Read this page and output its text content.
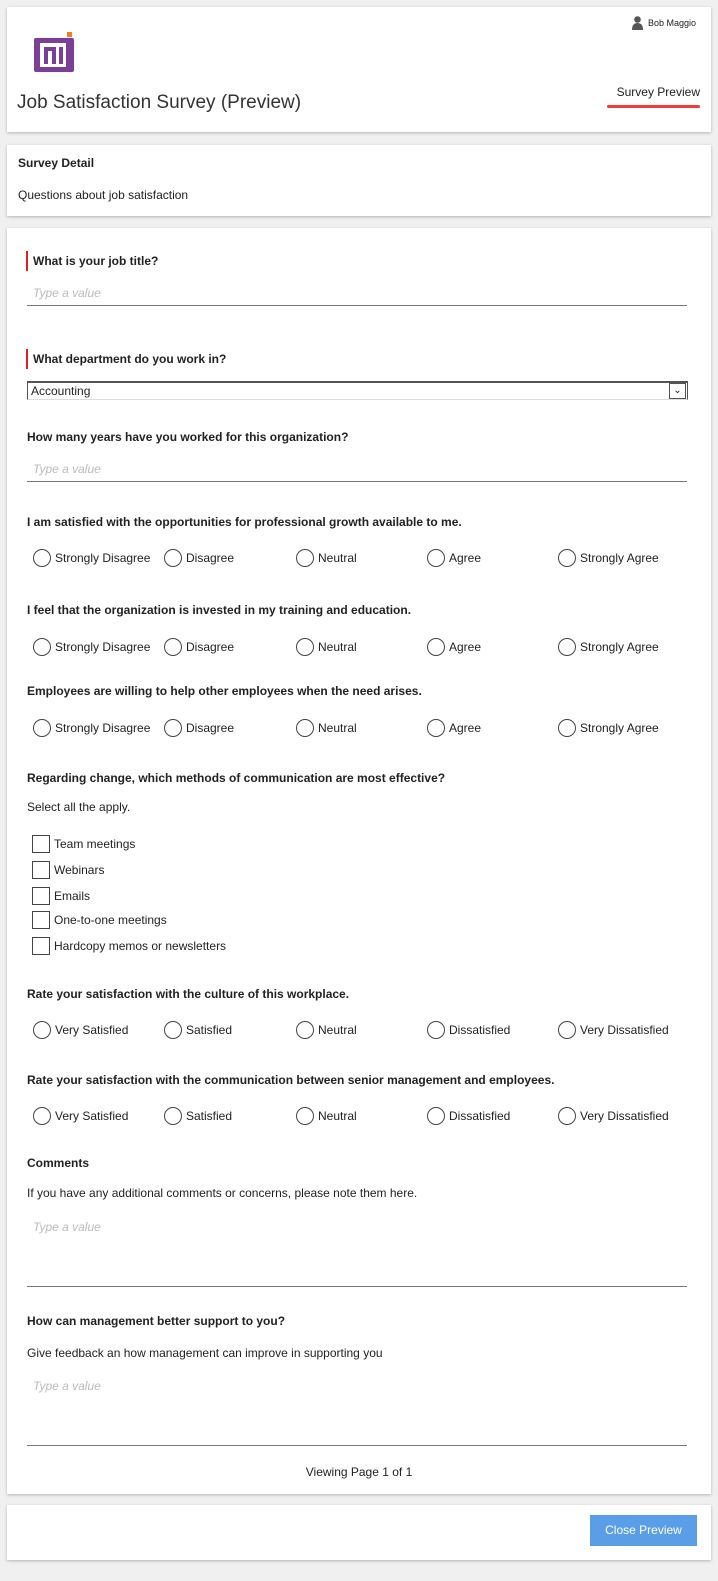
Bob Maggio
Job Satisfaction Survey (Preview)	Survey Preview
Survey Detail
Questions about job satisfaction
What is your job title?
Type a value
What department do you work in?
Accounting	⌄
How many years have you worked for this organization?
Type a value
I am satisfied with the opportunities for professional growth available to me.
I feel that the organization is invested in my training and education.
Employees are willing to help other employees when the need arises.
Regarding change, which methods of communication are most effective?
Select all the apply.
Rate your satisfaction with the culture of this workplace.
Rate your satisfaction with the communication between senior management and employees.
Comments
If you have any additional comments or concerns, please note them here.
Type a value
How can management better support to you?
Give feedback an how management can improve in supporting you
Type a value
Viewing Page 1 of 1
Strongly Disagree	Disagree	Neutral	Agree	Strongly Agree
Strongly Disagree	Disagree	Neutral	Agree	Strongly Agree
Strongly Disagree	Disagree	Neutral	Agree	Strongly Agree
Very Satisfied	Satisfied	Neutral	Dissatisfied	Very Dissatisfied
Very Satisfied	Satisfied	Neutral	Dissatisfied	Very Dissatisfied
Team meetings
Webinars
Emails
One-to-one meetings
Hardcopy memos or newsletters
Close Preview
